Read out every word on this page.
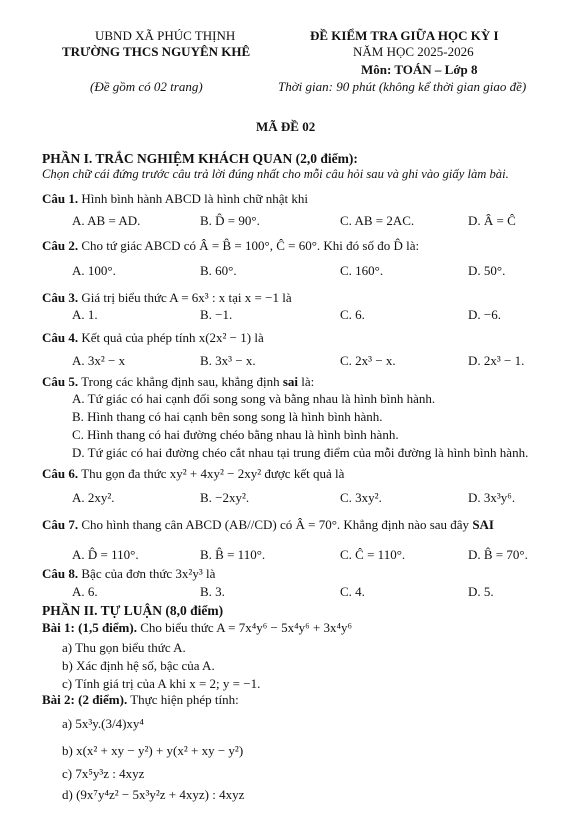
UBND XÃ PHÚC THỊNH
TRƯỜNG THCS NGUYÊN KHÊ
(Đề gồm có 02 trang)
ĐỀ KIỂM TRA GIỮA HỌC KỲ I
NĂM HỌC 2025-2026
Môn: TOÁN – Lớp 8
Thời gian: 90 phút (không kể thời gian giao đề)
MÃ ĐỀ 02
PHẦN I. TRẮC NGHIỆM KHÁCH QUAN (2,0 điểm):
Chọn chữ cái đứng trước câu trả lời đúng nhất cho mỗi câu hỏi sau và ghi vào giấy làm bài.
Câu 1. Hình bình hành ABCD là hình chữ nhật khi
A. AB = AD.	B. D̂ = 90°.	C. AB = 2AC.	D. Â = Ĉ
Câu 2. Cho tứ giác ABCD có Â = B̂ = 100°, Ĉ = 60°. Khi đó số đo D̂ là:
A. 100°.	B. 60°.	C. 160°.	D. 50°.
Câu 3. Giá trị biểu thức A = 6x³ : x tại x = −1 là
A. 1.	B. −1.	C. 6.	D. −6.
Câu 4. Kết quả của phép tính x(2x² − 1) là
A. 3x² − x	B. 3x³ − x.	C. 2x³ − x.	D. 2x³ − 1.
Câu 5. Trong các khẳng định sau, khẳng định sai là:
A. Tứ giác có hai cạnh đối song song và bằng nhau là hình bình hành.
B. Hình thang có hai cạnh bên song song là hình bình hành.
C. Hình thang có hai đường chéo bằng nhau là hình bình hành.
D. Tứ giác có hai đường chéo cắt nhau tại trung điểm của mỗi đường là hình bình hành.
Câu 6. Thu gọn đa thức xy² + 4xy² − 2xy² được kết quả là
A. 2xy².	B. −2xy².	C. 3xy².	D. 3x³y⁶.
Câu 7. Cho hình thang cân ABCD (AB//CD) có Â = 70°. Khẳng định nào sau đây SAI
A. D̂ = 110°.	B. B̂ = 110°.	C. Ĉ = 110°.	D. B̂ = 70°.
Câu 8. Bậc của đơn thức 3x²y³ là
A. 6.	B. 3.	C. 4.	D. 5.
PHẦN II. TỰ LUẬN (8,0 điểm)
Bài 1: (1,5 điểm). Cho biểu thức A = 7x⁴y⁶ − 5x⁴y⁶ + 3x⁴y⁶
a) Thu gọn biểu thức A.
b) Xác định hệ số, bậc của A.
c) Tính giá trị của A khi x = 2; y = −1.
Bài 2: (2 điểm). Thực hiện phép tính:
a) 5x³y.(3/4)xy⁴
b) x(x² + xy − y²) + y(x² + xy − y²)
c) 7x⁵y³z : 4xyz
d) (9x⁷y⁴z² − 5x³y²z + 4xyz) : 4xyz
